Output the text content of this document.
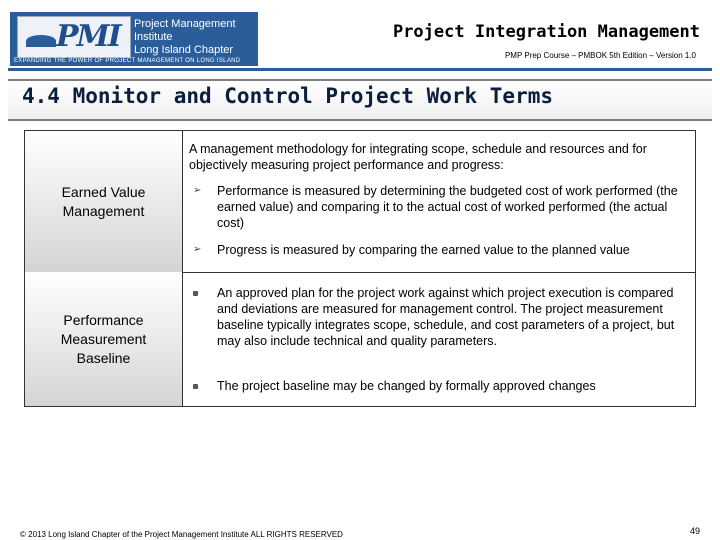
PMI Project Management Institute
Long Island Chapter
EXPANDING THE POWER OF PROJECT MANAGEMENT ON LONG ISLAND
Project Integration Management
PMP Prep Course – PMBOK 5th Edition – Version 1.0
4.4 Monitor and Control Project Work Terms
Earned Value Management
A management methodology for integrating scope, schedule and resources and for objectively measuring project performance and progress:
➢ Performance is measured by determining the budgeted cost of work performed (the earned value) and comparing it to the actual cost of worked performed (the actual cost)
➢ Progress is measured by comparing the earned value to the planned value
Performance Measurement Baseline
An approved plan for the project work against which project execution is compared and deviations are measured for management control. The project measurement baseline typically integrates scope, schedule, and cost parameters of a project, but may also include technical and quality parameters.
The project baseline may be changed by formally approved changes
© 2013 Long Island Chapter of the Project Management Institute ALL RIGHTS RESERVED	49
